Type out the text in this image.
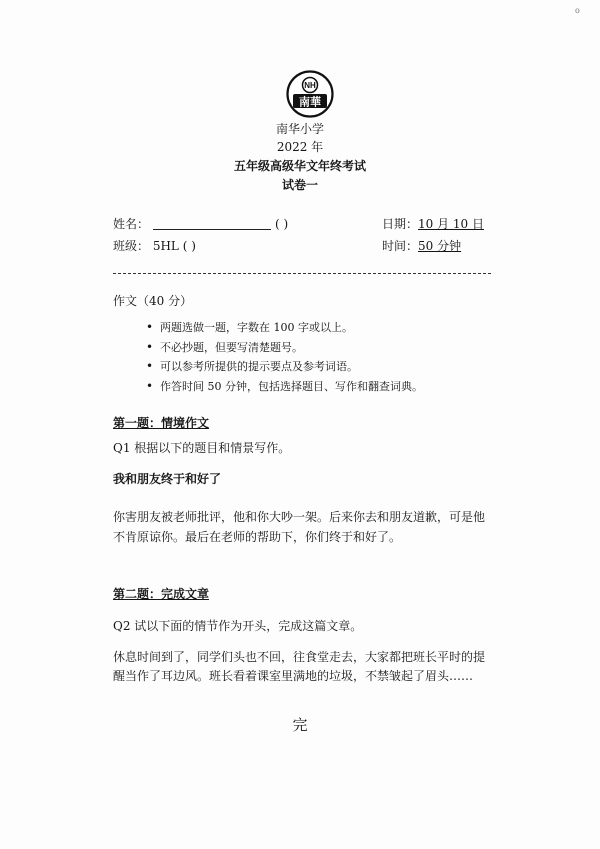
NH
南華
南华小学
2022 年
五年级高级华文年终考试
试卷一
姓名：	( )
班级： 5HL ( )
日期： 10 月 10 日
时间： 50 分钟
作文（40 分）
• 两题选做一题，字数在 100 字或以上。
• 不必抄题，但要写清楚题号。
• 可以参考所提供的提示要点及参考词语。
• 作答时间 50 分钟，包括选择题目、写作和翻查词典。
第一题：情境作文
Q1 根据以下的题目和情景写作。
我和朋友终于和好了
你害朋友被老师批评，他和你大吵一架。后来你去和朋友道歉，可是他不肯原谅你。最后在老师的帮助下，你们终于和好了。
第二题：完成文章
Q2 试以下面的情节作为开头，完成这篇文章。
休息时间到了，同学们头也不回，往食堂走去，大家都把班长平时的提醒当作了耳边风。班长看着课室里满地的垃圾，不禁皱起了眉头……
完
o
